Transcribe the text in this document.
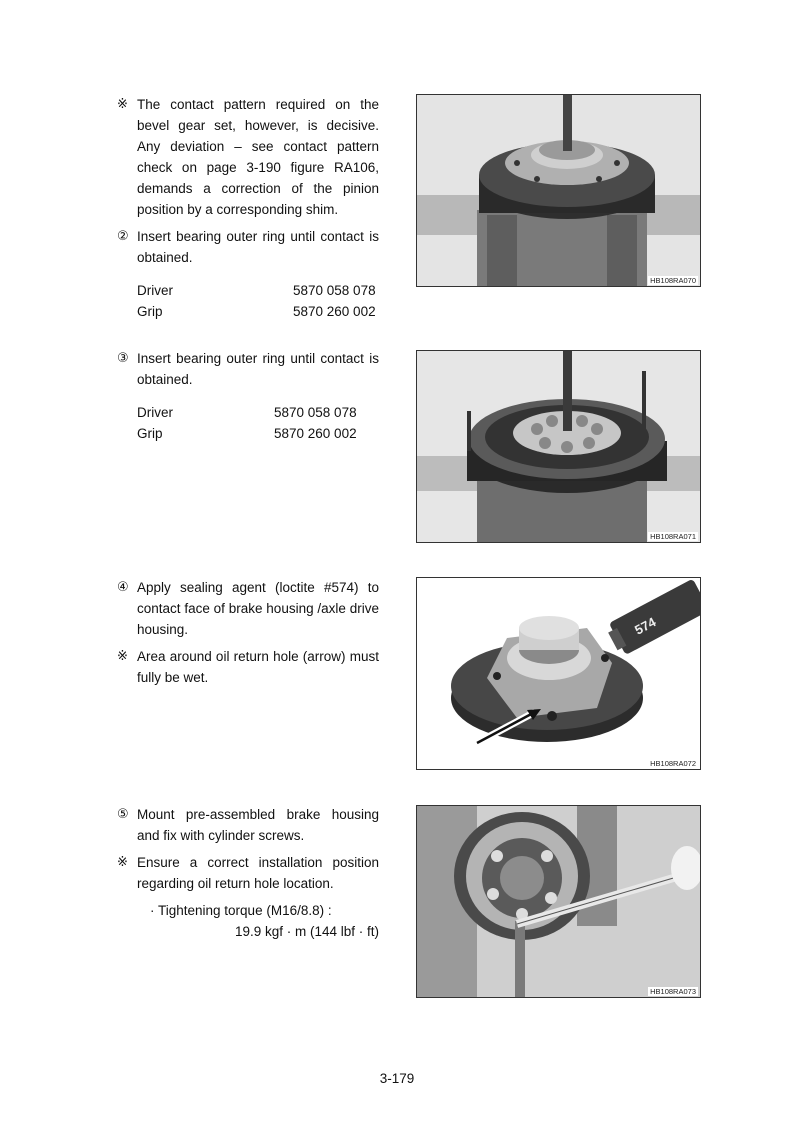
※ The contact pattern required on the bevel gear set, however, is decisive. Any deviation – see contact pattern check on page 3-190 figure RA106, demands a correction of the pinion position by a corresponding shim.
② Insert bearing outer ring until contact is obtained.
Driver	5870 058 078
Grip	5870 260 002
HB108RA070
③ Insert bearing outer ring until contact is obtained.
Driver	5870 058 078
Grip	5870 260 002
HB108RA071
④ Apply sealing agent (loctite #574) to contact face of brake housing /axle drive housing.
※ Area around oil return hole (arrow) must fully be wet.
574
HB108RA072
⑤ Mount pre-assembled brake housing and fix with cylinder screws.
※ Ensure a correct installation position regarding oil return hole location.
· Tightening torque (M16/8.8) :
19.9 kgf · m (144 lbf · ft)
HB108RA073
3-179
